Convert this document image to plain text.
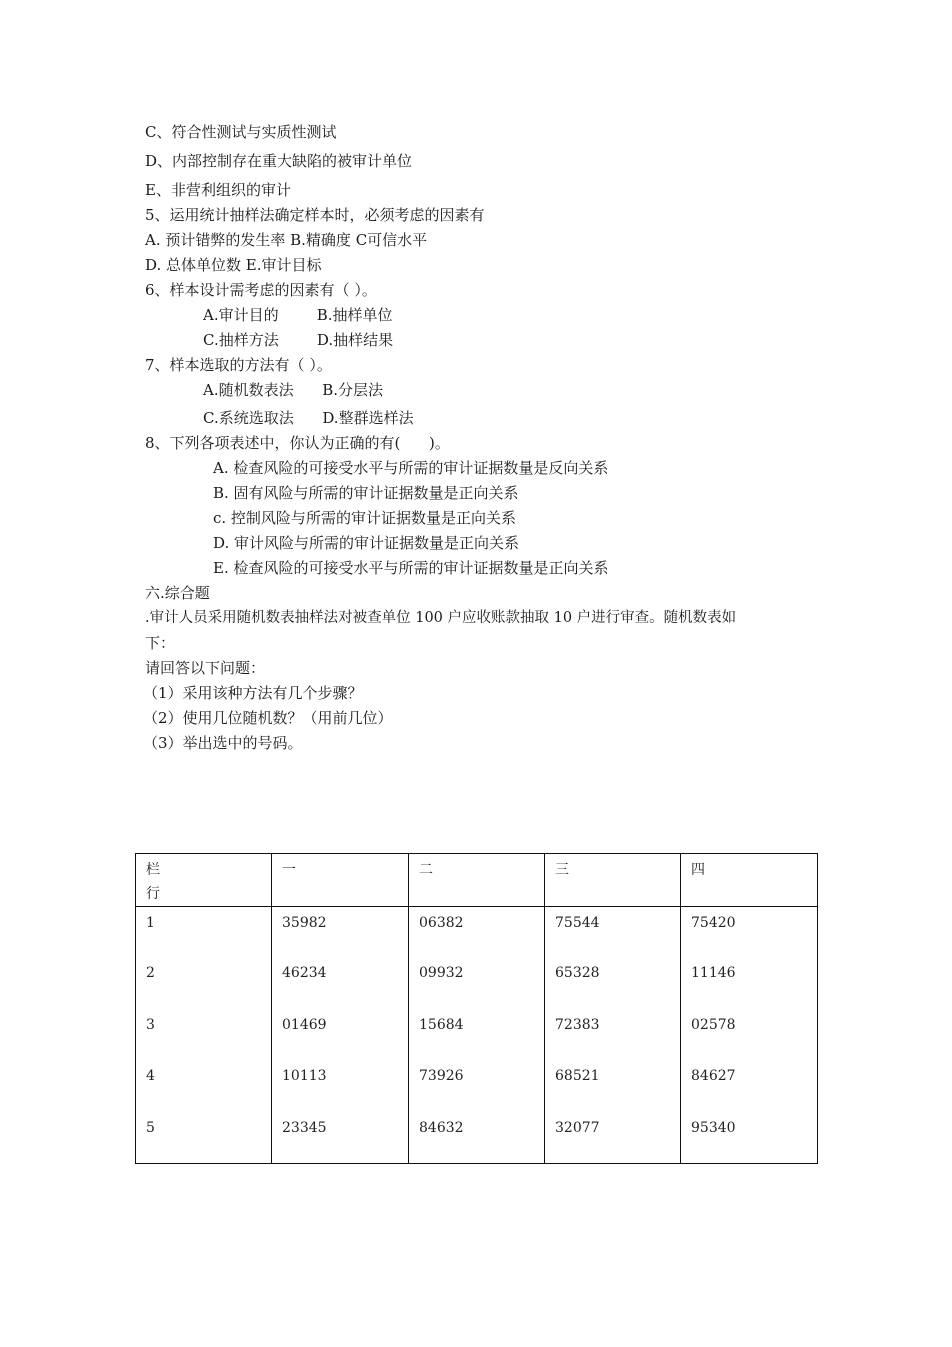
C、符合性测试与实质性测试
D、内部控制存在重大缺陷的被审计单位
E、非营利组织的审计
5、运用统计抽样法确定样本时，必须考虑的因素有
A. 预计错弊的发生率 B.精确度 C可信水平
D. 总体单位数 E.审计目标
6、样本设计需考虑的因素有（ ）。
A.审计目的        B.抽样单位
C.抽样方法        D.抽样结果
7、样本选取的方法有（ ）。
A.随机数表法      B.分层法
C.系统选取法      D.整群选样法
8、下列各项表述中，你认为正确的有(      )。
A. 检查风险的可接受水平与所需的审计证据数量是反向关系
B. 固有风险与所需的审计证据数量是正向关系
c. 控制风险与所需的审计证据数量是正向关系
D. 审计风险与所需的审计证据数量是正向关系
E. 检查风险的可接受水平与所需的审计证据数量是正向关系
六.综合题
.审计人员采用随机数表抽样法对被查单位 100 户应收账款抽取 10 户进行审查。随机数表如
下：
请回答以下问题：
（1）采用该种方法有几个步骤？
（2）使用几位随机数？（用前几位）
（3）举出选中的号码。
栏
行	一	二	三	四
1	35982	06382	75544	75420
2	46234	09932	65328	11146
3	01469	15684	72383	02578
4	10113	73926	68521	84627
5	23345	84632	32077	95340
